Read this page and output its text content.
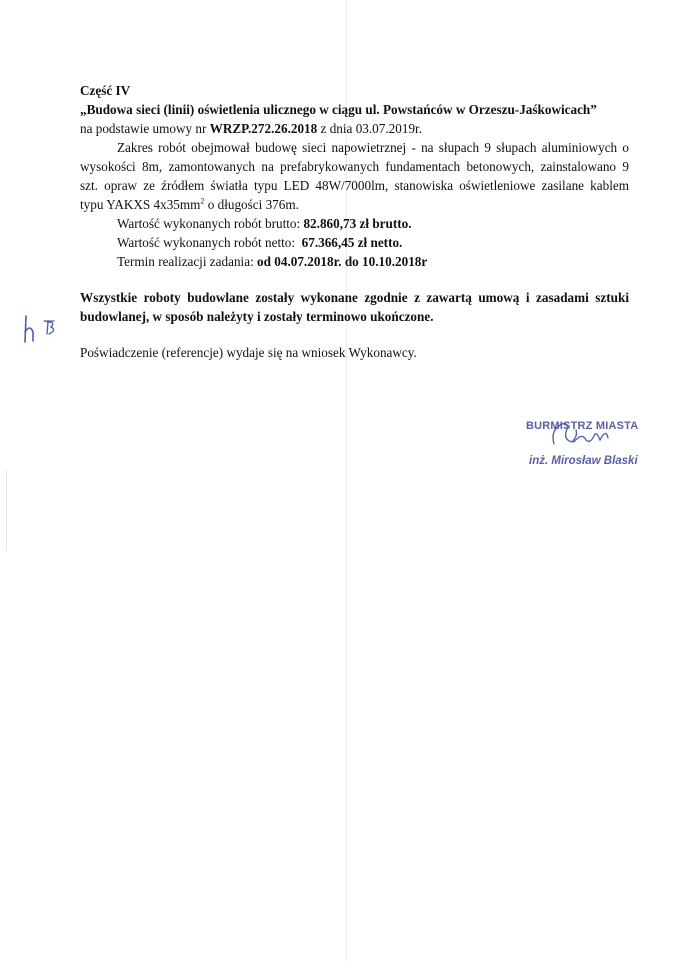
Część IV
„Budowa sieci (linii) oświetlenia ulicznego w ciągu ul. Powstańców w Orzeszu-Jaśkowicach”
na podstawie umowy nr WRZP.272.26.2018 z dnia 03.07.2019r.
Zakres robót obejmował budowę sieci napowietrznej - na słupach 9 słupach aluminiowych o
wysokości 8m, zamontowanych na prefabrykowanych fundamentach betonowych, zainstalowano 9
szt. opraw ze źródłem światła typu LED 48W/7000lm, stanowiska oświetleniowe zasilane kablem
typu YAKXS $4x35mm^2$ o długości 376m.
Wartość wykonanych robót brutto: 82.860,73 zł brutto.
Wartość wykonanych robót netto: 67.366,45 zł netto.
Termin realizacji zadania: od 04.07.2018r. do 10.10.2018r
Wszystkie roboty budowlane zostały wykonane zgodnie z zawartą umową i zasadami sztuki
budowlanej, w sposób należyty i zostały terminowo ukończone.
Poświadczenie (referencje) wydaje się na wniosek Wykonawcy.
BURMISTRZ MIASTA
inż. Mirosław Blaski
